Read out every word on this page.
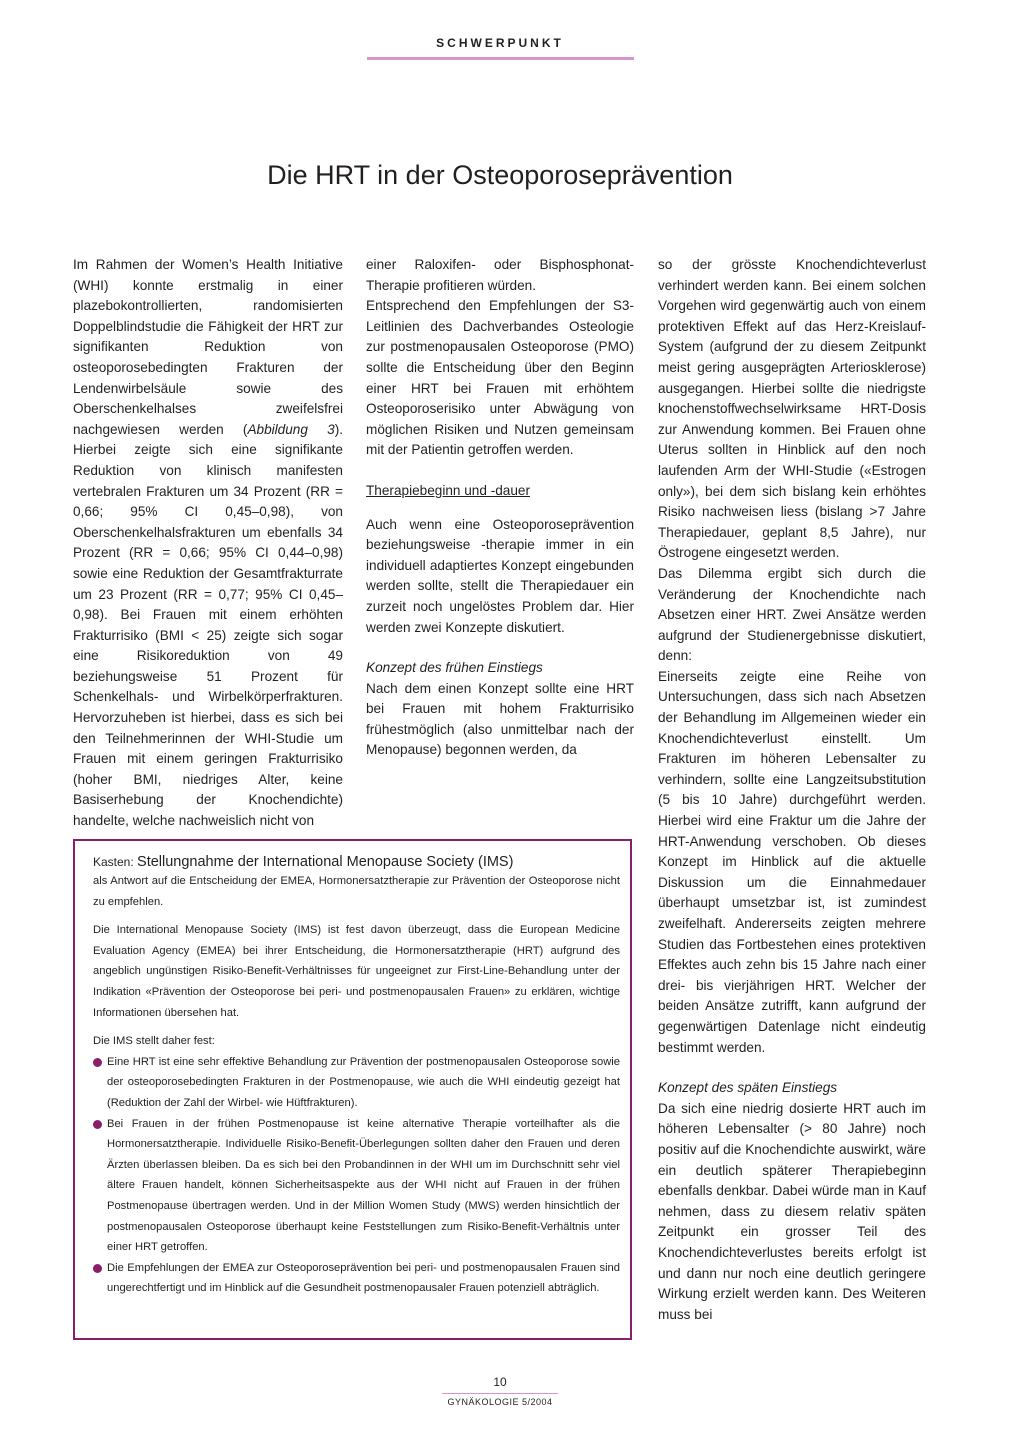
SCHWERPUNKT
Die HRT in der Osteoporoseprävention

Im Rahmen der Women’s Health Initiative (WHI) konnte erstmalig in einer plazebokontrollierten, randomisierten Doppelblindstudie die Fähigkeit der HRT zur signifikanten Reduktion von osteoporosebedingten Frakturen der Lendenwirbelsäule sowie des Oberschenkelhalses zweifelsfrei nachgewiesen werden (Abbildung 3). Hierbei zeigte sich eine signifikante Reduktion von klinisch manifesten vertebralen Frakturen um 34 Prozent (RR = 0,66; 95% CI 0,45–0,98), von Oberschenkelhalsfrakturen um ebenfalls 34 Prozent (RR = 0,66; 95% CI 0,44–0,98) sowie eine Reduktion der Gesamtfrakturrate um 23 Prozent (RR = 0,77; 95% CI 0,45–0,98). Bei Frauen mit einem erhöhten Frakturrisiko (BMI < 25) zeigte sich sogar eine Risikoreduktion von 49 beziehungsweise 51 Prozent für Schenkelhals- und Wirbelkörperfrakturen. Hervorzuheben ist hierbei, dass es sich bei den Teilnehmerinnen der WHI-Studie um Frauen mit einem geringen Frakturrisiko (hoher BMI, niedriges Alter, keine Basiserhebung der Knochendichte) handelte, welche nachweislich nicht von

einer Raloxifen- oder Bisphosphonat-Therapie profitieren würden.

Entsprechend den Empfehlungen der S3-Leitlinien des Dachverbandes Osteologie zur postmenopausalen Osteoporose (PMO) sollte die Entscheidung über den Beginn einer HRT bei Frauen mit erhöhtem Osteoporoserisiko unter Abwägung von möglichen Risiken und Nutzen gemeinsam mit der Patientin getroffen werden.

Therapiebeginn und -dauer

Auch wenn eine Osteoporoseprävention beziehungsweise -therapie immer in ein individuell adaptiertes Konzept eingebunden werden sollte, stellt die Therapiedauer ein zurzeit noch ungelöstes Problem dar. Hier werden zwei Konzepte diskutiert.

Konzept des frühen Einstiegs

Nach dem einen Konzept sollte eine HRT bei Frauen mit hohem Frakturrisiko frühestmöglich (also unmittelbar nach der Menopause) begonnen werden, da

so der grösste Knochendichteverlust verhindert werden kann. Bei einem solchen Vorgehen wird gegenwärtig auch von einem protektiven Effekt auf das Herz-Kreislauf-System (aufgrund der zu diesem Zeitpunkt meist gering ausgeprägten Arteriosklerose) ausgegangen. Hierbei sollte die niedrigste knochenstoffwechselwirksame HRT-Dosis zur Anwendung kommen. Bei Frauen ohne Uterus sollten in Hinblick auf den noch laufenden Arm der WHI-Studie («Estrogen only»), bei dem sich bislang kein erhöhtes Risiko nachweisen liess (bislang >7 Jahre Therapiedauer, geplant 8,5 Jahre), nur Östrogene eingesetzt werden.

Das Dilemma ergibt sich durch die Veränderung der Knochendichte nach Absetzen einer HRT. Zwei Ansätze werden aufgrund der Studienergebnisse diskutiert, denn:

Einerseits zeigte eine Reihe von Untersuchungen, dass sich nach Absetzen der Behandlung im Allgemeinen wieder ein Knochendichteverlust einstellt. Um Frakturen im höheren Lebensalter zu verhindern, sollte eine Langzeitsubstitution (5 bis 10 Jahre) durchgeführt werden. Hierbei wird eine Fraktur um die Jahre der HRT-Anwendung verschoben. Ob dieses Konzept im Hinblick auf die aktuelle Diskussion um die Einnahmedauer überhaupt umsetzbar ist, ist zumindest zweifelhaft. Andererseits zeigten mehrere Studien das Fortbestehen eines protektiven Effektes auch zehn bis 15 Jahre nach einer drei- bis vierjährigen HRT. Welcher der beiden Ansätze zutrifft, kann aufgrund der gegenwärtigen Datenlage nicht eindeutig bestimmt werden.

Konzept des späten Einstiegs

Da sich eine niedrig dosierte HRT auch im höheren Lebensalter (> 80 Jahre) noch positiv auf die Knochendichte auswirkt, wäre ein deutlich späterer Therapiebeginn ebenfalls denkbar. Dabei würde man in Kauf nehmen, dass zu diesem relativ späten Zeitpunkt ein grosser Teil des Knochendichteverlustes bereits erfolgt ist und dann nur noch eine deutlich geringere Wirkung erzielt werden kann. Des Weiteren muss bei

Kasten: Stellungnahme der International Menopause Society (IMS)

als Antwort auf die Entscheidung der EMEA, Hormonersatztherapie zur Prävention der Osteoporose nicht zu empfehlen.

Die International Menopause Society (IMS) ist fest davon überzeugt, dass die European Medicine Evaluation Agency (EMEA) bei ihrer Entscheidung, die Hormonersatztherapie (HRT) aufgrund des angeblich ungünstigen Risiko-Benefit-Verhältnisses für ungeeignet zur First-Line-Behandlung unter der Indikation «Prävention der Osteoporose bei peri- und postmenopausalen Frauen» zu erklären, wichtige Informationen übersehen hat.

Die IMS stellt daher fest:

Eine HRT ist eine sehr effektive Behandlung zur Prävention der postmenopausalen Osteoporose sowie der osteoporosebedingten Frakturen in der Postmenopause, wie auch die WHI eindeutig gezeigt hat (Reduktion der Zahl der Wirbel- wie Hüftfrakturen).
Bei Frauen in der frühen Postmenopause ist keine alternative Therapie vorteilhafter als die Hormonersatztherapie. Individuelle Risiko-Benefit-Überlegungen sollten daher den Frauen und deren Ärzten überlassen bleiben. Da es sich bei den Probandinnen in der WHI um im Durchschnitt sehr viel ältere Frauen handelt, können Sicherheitsaspekte aus der WHI nicht auf Frauen in der frühen Postmenopause übertragen werden. Und in der Million Women Study (MWS) werden hinsichtlich der postmenopausalen Osteoporose überhaupt keine Feststellungen zum Risiko-Benefit-Verhältnis unter einer HRT getroffen.
Die Empfehlungen der EMEA zur Osteoporoseprävention bei peri- und postmenopausalen Frauen sind ungerechtfertigt und im Hinblick auf die Gesundheit postmenopausaler Frauen potenziell abträglich.
10
GYNÄKOLOGIE 5/2004
